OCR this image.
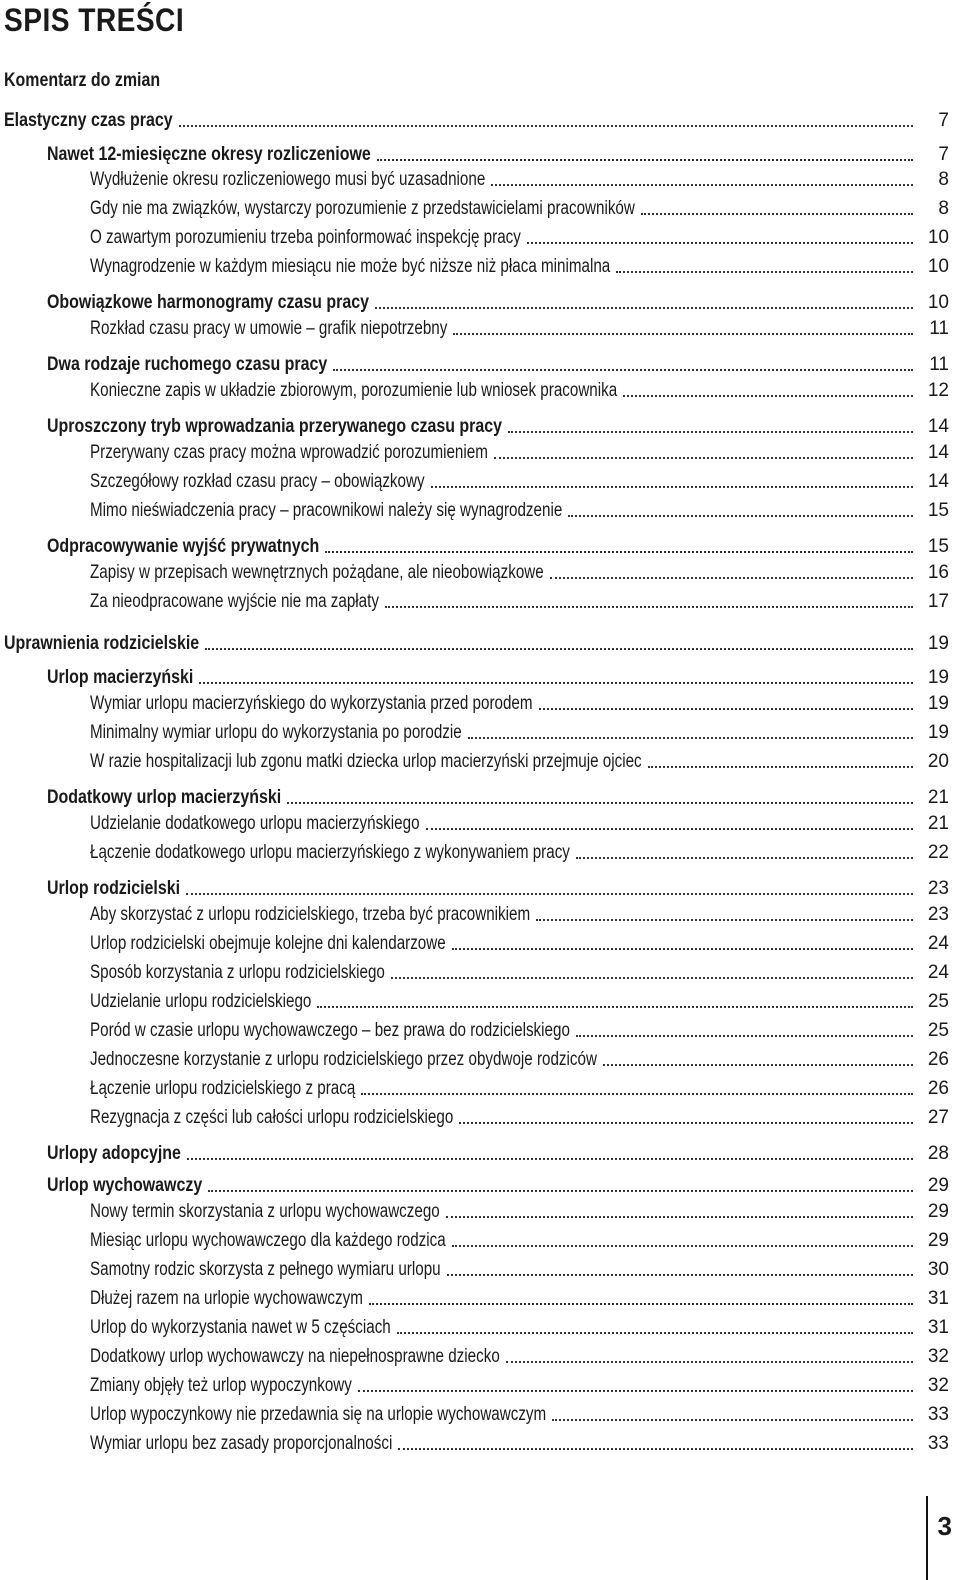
SPIS TREŚCI
Komentarz do zmian
Elastyczny czas pracy	7
Nawet 12-miesięczne okresy rozliczeniowe	7
Wydłużenie okresu rozliczeniowego musi być uzasadnione	8
Gdy nie ma związków, wystarczy porozumienie z przedstawicielami pracowników	8
O zawartym porozumieniu trzeba poinformować inspekcję pracy	10
Wynagrodzenie w każdym miesiącu nie może być niższe niż płaca minimalna	10
Obowiązkowe harmonogramy czasu pracy	10
Rozkład czasu pracy w umowie – grafik niepotrzebny	11
Dwa rodzaje ruchomego czasu pracy	11
Konieczne zapis w układzie zbiorowym, porozumienie lub wniosek pracownika	12
Uproszczony tryb wprowadzania przerywanego czasu pracy	14
Przerywany czas pracy można wprowadzić porozumieniem	14
Szczegółowy rozkład czasu pracy – obowiązkowy	14
Mimo nieświadczenia pracy – pracownikowi należy się wynagrodzenie	15
Odpracowywanie wyjść prywatnych	15
Zapisy w przepisach wewnętrznych pożądane, ale nieobowiązkowe	16
Za nieodpracowane wyjście nie ma zapłaty	17
Uprawnienia rodzicielskie	19
Urlop macierzyński	19
Wymiar urlopu macierzyńskiego do wykorzystania przed porodem	19
Minimalny wymiar urlopu do wykorzystania po porodzie	19
W razie hospitalizacji lub zgonu matki dziecka urlop macierzyński przejmuje ojciec	20
Dodatkowy urlop macierzyński	21
Udzielanie dodatkowego urlopu macierzyńskiego	21
Łączenie dodatkowego urlopu macierzyńskiego z wykonywaniem pracy	22
Urlop rodzicielski	23
Aby skorzystać z urlopu rodzicielskiego, trzeba być pracownikiem	23
Urlop rodzicielski obejmuje kolejne dni kalendarzowe	24
Sposób korzystania z urlopu rodzicielskiego	24
Udzielanie urlopu rodzicielskiego	25
Poród w czasie urlopu wychowawczego – bez prawa do rodzicielskiego	25
Jednoczesne korzystanie z urlopu rodzicielskiego przez obydwoje rodziców	26
Łączenie urlopu rodzicielskiego z pracą	26
Rezygnacja z części lub całości urlopu rodzicielskiego	27
Urlopy adopcyjne	28
Urlop wychowawczy	29
Nowy termin skorzystania z urlopu wychowawczego	29
Miesiąc urlopu wychowawczego dla każdego rodzica	29
Samotny rodzic skorzysta z pełnego wymiaru urlopu	30
Dłużej razem na urlopie wychowawczym	31
Urlop do wykorzystania nawet w 5 częściach	31
Dodatkowy urlop wychowawczy na niepełnosprawne dziecko	32
Zmiany objęły też urlop wypoczynkowy	32
Urlop wypoczynkowy nie przedawnia się na urlopie wychowawczym	33
Wymiar urlopu bez zasady proporcjonalności	33
3
